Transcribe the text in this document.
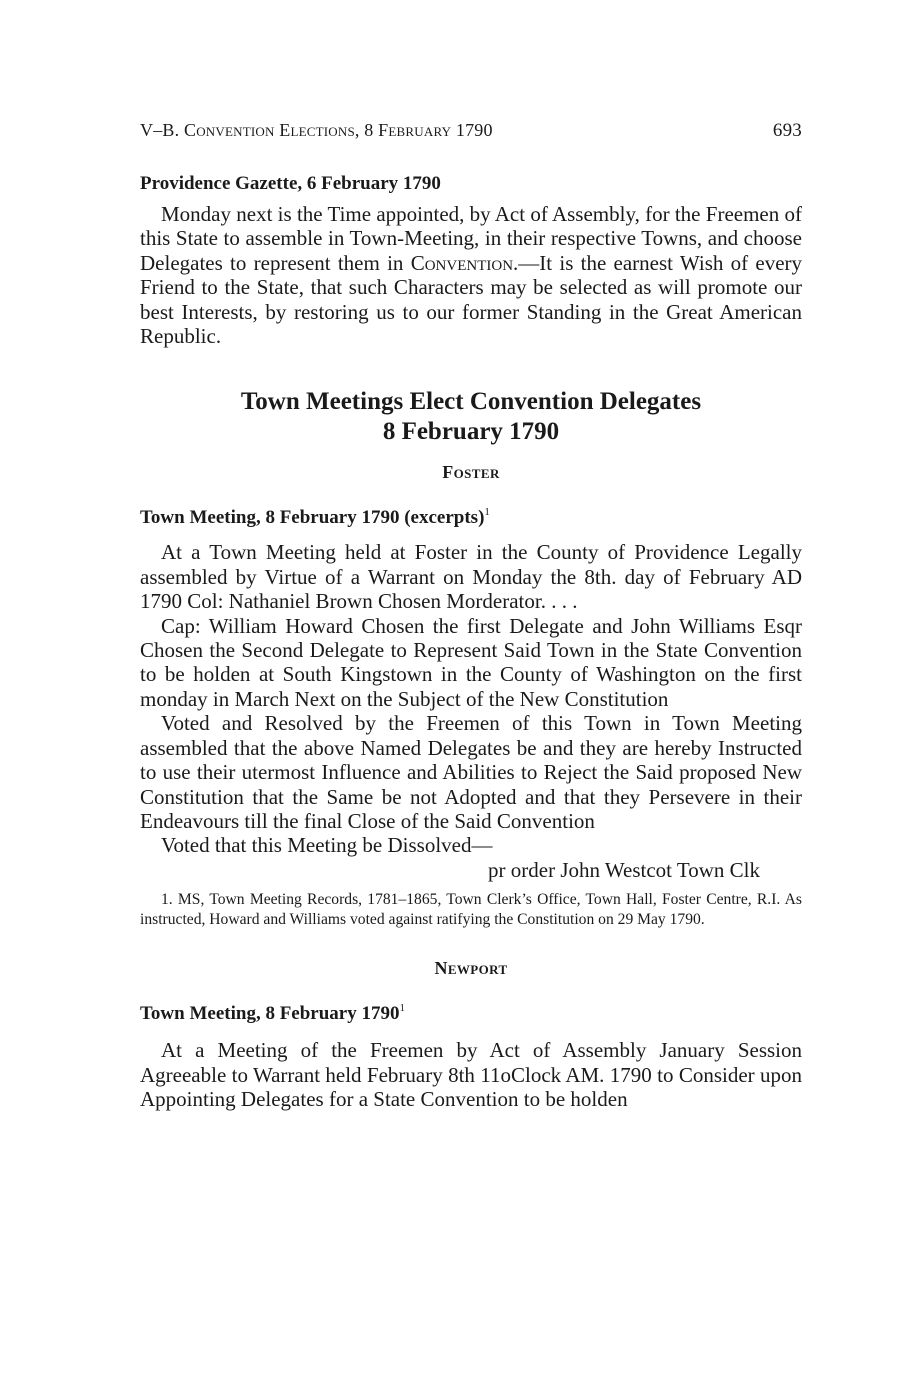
V–B. Convention Elections, 8 February 1790	693
Providence Gazette, 6 February 1790

Monday next is the Time appointed, by Act of Assembly, for the Freemen of this State to assemble in Town-Meeting, in their respective Towns, and choose Delegates to represent them in Convention.—It is the earnest Wish of every Friend to the State, that such Characters may be selected as will promote our best Interests, by restoring us to our former Standing in the Great American Republic.

Town Meetings Elect Convention Delegates
8 February 1790
Foster
Town Meeting, 8 February 1790 (excerpts)$^1$

At a Town Meeting held at Foster in the County of Providence Legally assembled by Virtue of a Warrant on Monday the 8th. day of February AD 1790 Col: Nathaniel Brown Chosen Morderator. . . .

Cap: William Howard Chosen the first Delegate and John Williams Esqr Chosen the Second Delegate to Represent Said Town in the State Convention to be holden at South Kingstown in the County of Washington on the first monday in March Next on the Subject of the New Constitution

Voted and Resolved by the Freemen of this Town in Town Meeting assembled that the above Named Delegates be and they are hereby Instructed to use their utermost Influence and Abilities to Reject the Said proposed New Constitution that the Same be not Adopted and that they Persevere in their Endeavours till the final Close of the Said Convention

Voted that this Meeting be Dissolved—

pr order John Westcot Town Clk

1. MS, Town Meeting Records, 1781–1865, Town Clerk’s Office, Town Hall, Foster Centre, R.I. As instructed, Howard and Williams voted against ratifying the Constitution on 29 May 1790.

Newport
Town Meeting, 8 February 1790$^1$

At a Meeting of the Freemen by Act of Assembly January Session Agreeable to Warrant held February 8th 11oClock AM. 1790 to Consider upon Appointing Delegates for a State Convention to be holden
